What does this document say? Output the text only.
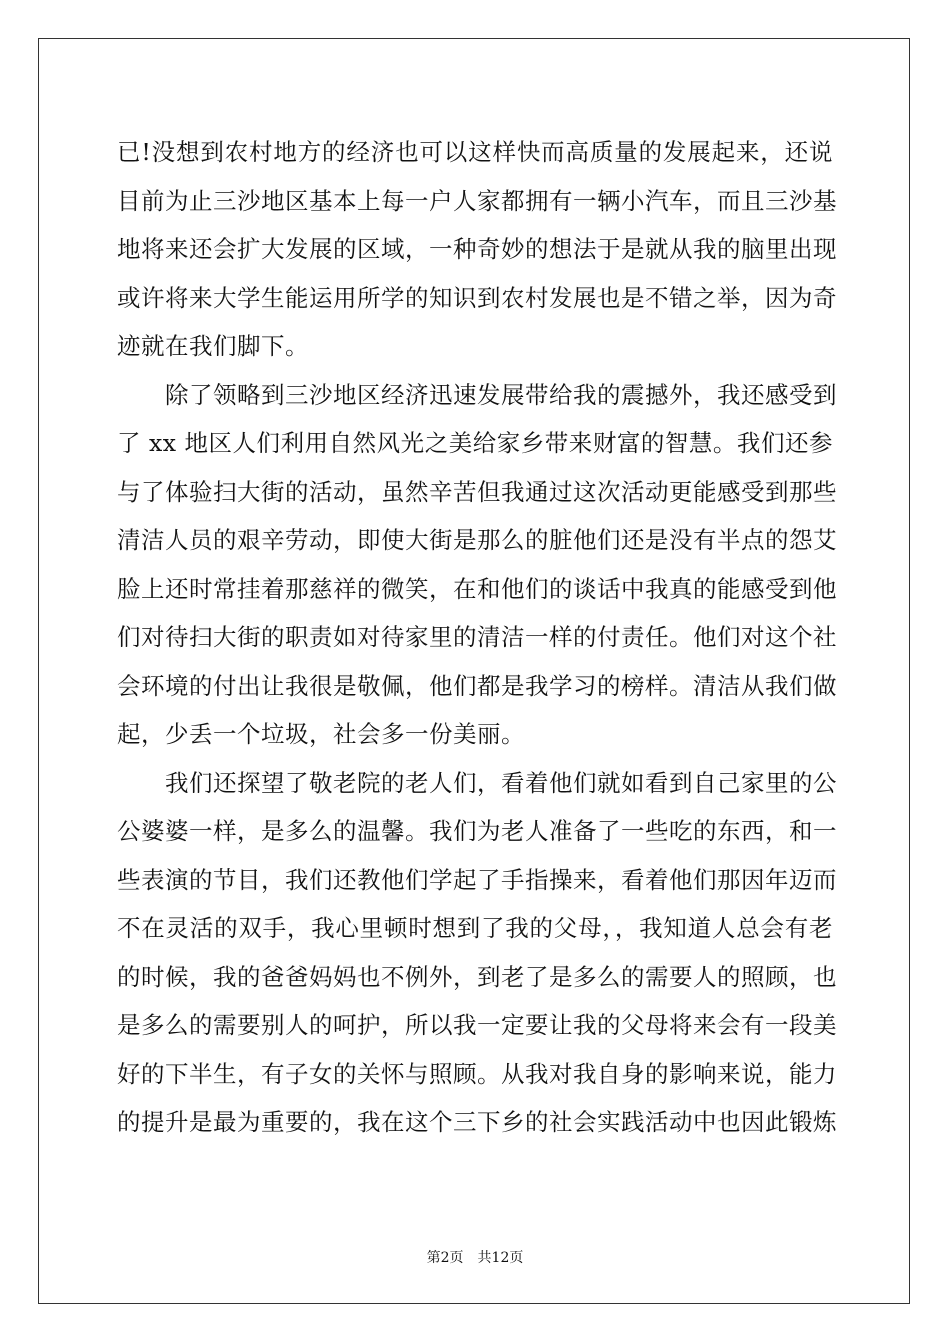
已!没想到农村地方的经济也可以这样快而高质量的发展起来，还说
目前为止三沙地区基本上每一户人家都拥有一辆小汽车，而且三沙基
地将来还会扩大发展的区域，一种奇妙的想法于是就从我的脑里出现
或许将来大学生能运用所学的知识到农村发展也是不错之举，因为奇
迹就在我们脚下。
除了领略到三沙地区经济迅速发展带给我的震撼外，我还感受到
了 xx 地区人们利用自然风光之美给家乡带来财富的智慧。我们还参
与了体验扫大街的活动，虽然辛苦但我通过这次活动更能感受到那些
清洁人员的艰辛劳动，即使大街是那么的脏他们还是没有半点的怨艾
脸上还时常挂着那慈祥的微笑，在和他们的谈话中我真的能感受到他
们对待扫大街的职责如对待家里的清洁一样的付责任。他们对这个社
会环境的付出让我很是敬佩，他们都是我学习的榜样。清洁从我们做
起，少丢一个垃圾，社会多一份美丽。
我们还探望了敬老院的老人们，看着他们就如看到自己家里的公
公婆婆一样，是多么的温馨。我们为老人准备了一些吃的东西，和一
些表演的节目，我们还教他们学起了手指操来，看着他们那因年迈而
不在灵活的双手，我心里顿时想到了我的父母，，我知道人总会有老
的时候，我的爸爸妈妈也不例外，到老了是多么的需要人的照顾，也
是多么的需要别人的呵护，所以我一定要让我的父母将来会有一段美
好的下半生，有子女的关怀与照顾。从我对我自身的影响来说，能力
的提升是最为重要的，我在这个三下乡的社会实践活动中也因此锻炼
第2页 共12页
